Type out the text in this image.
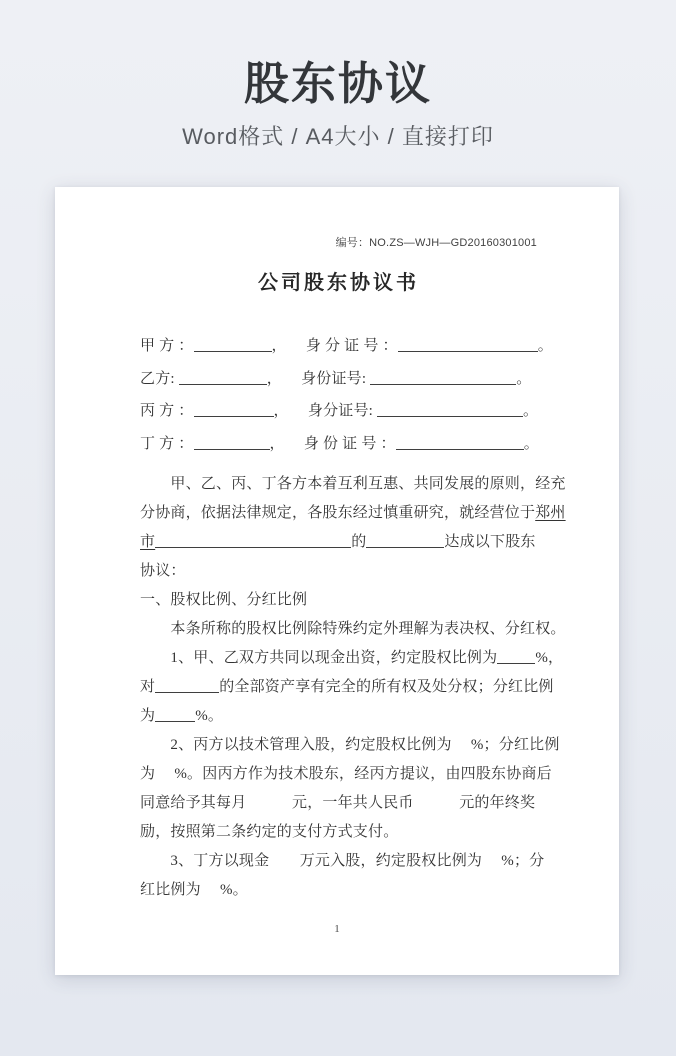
股东协议
Word格式 / A4大小 / 直接打印
编号：NO.ZS—WJH—GD20160301001
公司股东协议书
甲 方 ：	， 　身 分 证 号 ：	。
乙方:	， 　身份证号:	。
丙 方 ：	， 　身分证号:	。
丁 方 ：	， 　身 份 证 号 ：	。
　　甲、乙、丙、丁各方本着互利互惠、共同发展的原则，经充
分协商，依据法律规定，各股东经过慎重研究，就经营位于郑州
市	的	达成以下股东
协议：
一、股权比例、分红比例
　　本条所称的股权比例除特殊约定外理解为表决权、分红权。
　　1、甲、乙双方共同以现金出资，约定股权比例为	%，
对	的全部资产享有完全的所有权及处分权；分红比例
为	%。
　　2、丙方以技术管理入股，约定股权比例为　 %；分红比例
为　 %。因丙方作为技术股东，经丙方提议，由四股东协商后
同意给予其每月　　　元，一年共人民币　　　元的年终奖
励，按照第二条约定的支付方式支付。
　　3、丁方以现金　　万元入股，约定股权比例为　 %；分
红比例为　 %。
1
